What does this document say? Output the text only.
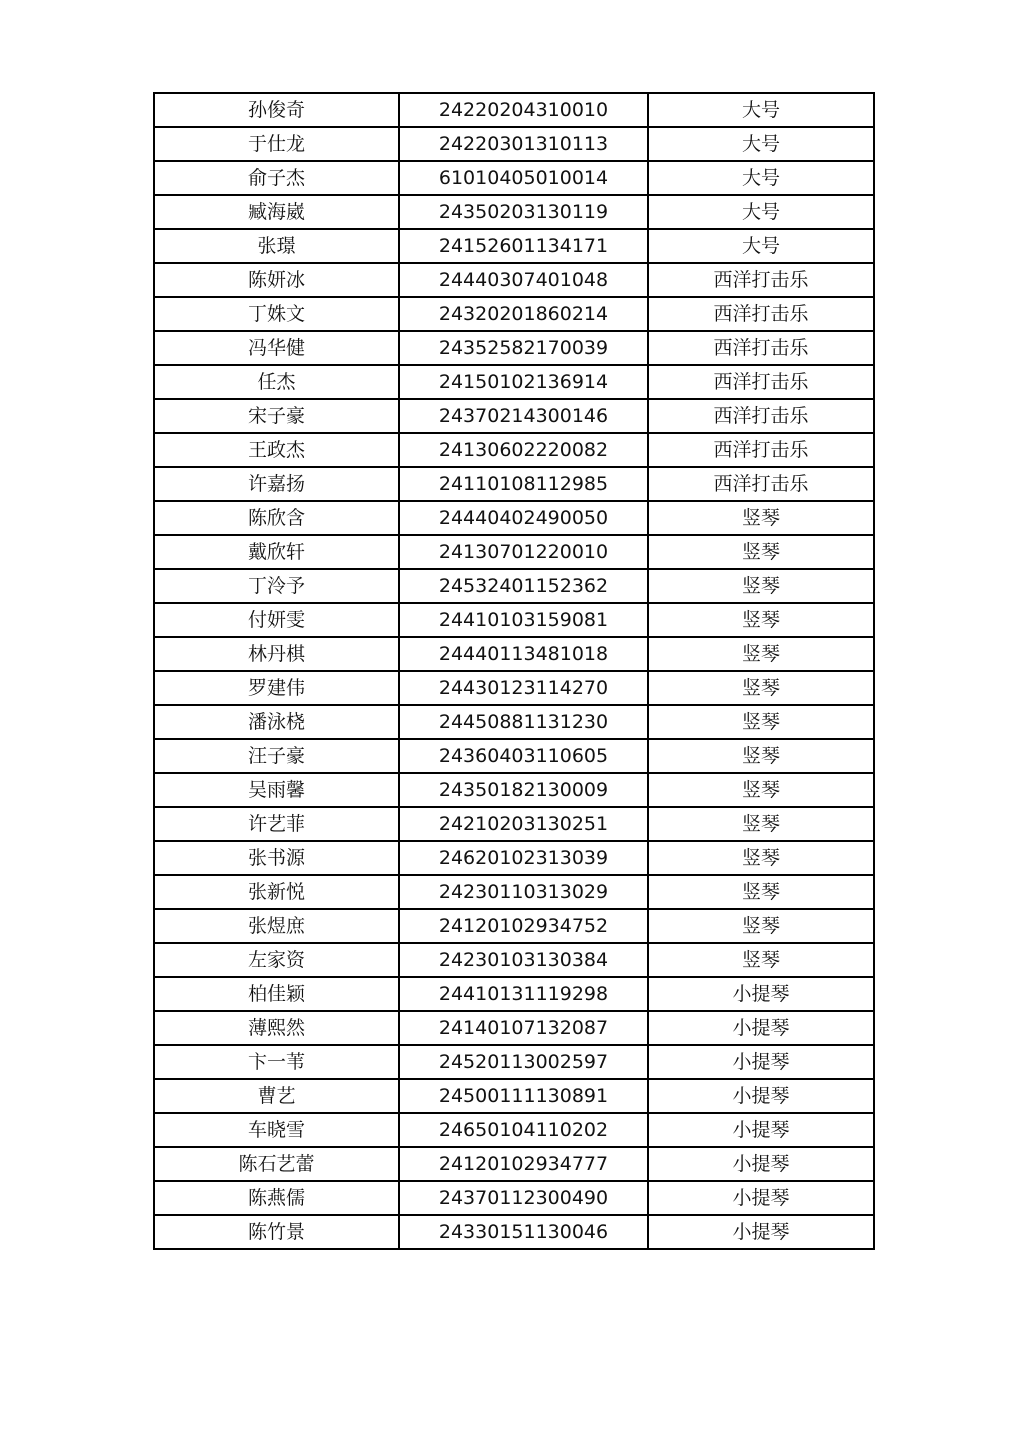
孙俊奇	24220204310010	大号
于仕龙	24220301310113	大号
俞子杰	61010405010014	大号
臧海崴	24350203130119	大号
张璟	24152601134171	大号
陈妍冰	24440307401048	西洋打击乐
丁姝文	24320201860214	西洋打击乐
冯华健	24352582170039	西洋打击乐
任杰	24150102136914	西洋打击乐
宋子豪	24370214300146	西洋打击乐
王政杰	24130602220082	西洋打击乐
许嘉扬	24110108112985	西洋打击乐
陈欣含	24440402490050	竖琴
戴欣轩	24130701220010	竖琴
丁泠予	24532401152362	竖琴
付妍雯	24410103159081	竖琴
林丹棋	24440113481018	竖琴
罗建伟	24430123114270	竖琴
潘泳桡	24450881131230	竖琴
汪子豪	24360403110605	竖琴
吴雨馨	24350182130009	竖琴
许艺菲	24210203130251	竖琴
张书源	24620102313039	竖琴
张新悦	24230110313029	竖琴
张煜庶	24120102934752	竖琴
左家资	24230103130384	竖琴
柏佳颖	24410131119298	小提琴
薄熙然	24140107132087	小提琴
卞一苇	24520113002597	小提琴
曹艺	24500111130891	小提琴
车晓雪	24650104110202	小提琴
陈石艺蕾	24120102934777	小提琴
陈燕儒	24370112300490	小提琴
陈竹景	24330151130046	小提琴
